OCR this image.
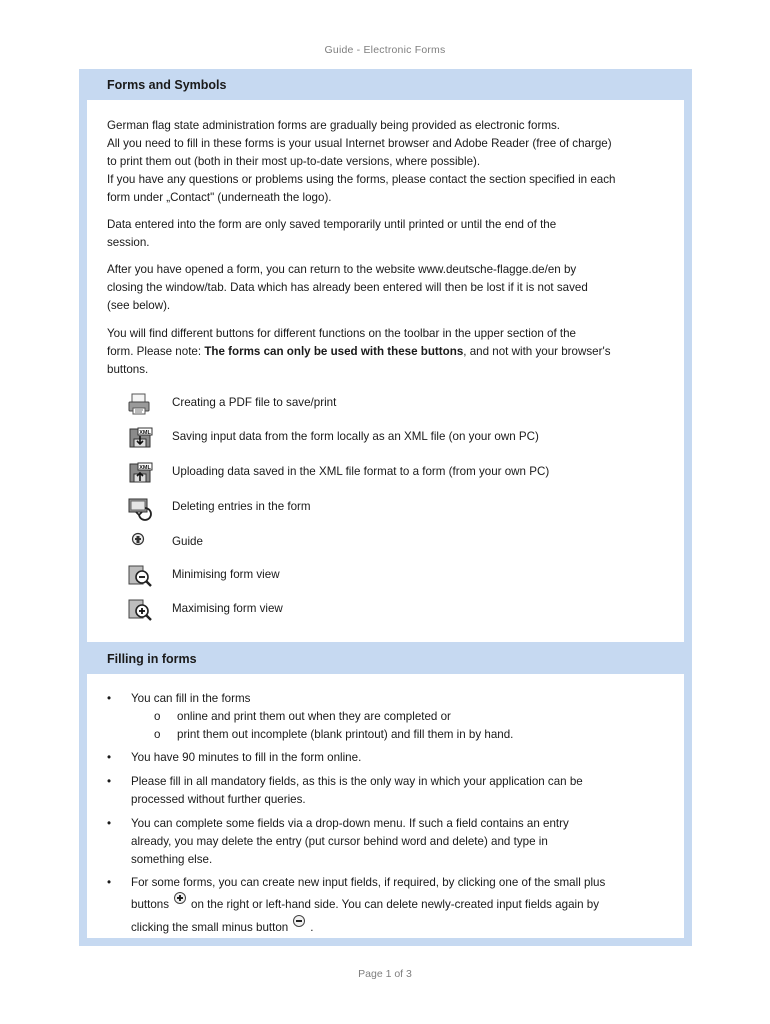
Guide - Electronic Forms
Forms and Symbols
German flag state administration forms are gradually being provided as electronic forms.
All you need to fill in these forms is your usual Internet browser and Adobe Reader (free of charge)
to print them out (both in their most up-to-date versions, where possible).
If you have any questions or problems using the forms, please contact the section specified in each
form under „Contact" (underneath the logo).
Data entered into the form are only saved temporarily until printed or until the end of the
session.
After you have opened a form, you can return to the website www.deutsche-flagge.de/en by
closing the window/tab. Data which has already been entered will then be lost if it is not saved
(see below).
You will find different buttons for different functions on the toolbar in the upper section of the
form. Please note: The forms can only be used with these buttons, and not with your browser's
buttons.
Creating a PDF file to save/print
XML Saving input data from the form locally as an XML file (on your own PC)
XML Uploading data saved in the XML file format to a form (from your own PC)
Deleting entries in the form
Guide
Minimising form view
Maximising form view
Filling in forms
• You can fill in the forms
o online and print them out when they are completed or
o print them out incomplete (blank printout) and fill them in by hand.
• You have 90 minutes to fill in the form online.
• Please fill in all mandatory fields, as this is the only way in which your application can be
processed without further queries.
• You can complete some fields via a drop-down menu. If such a field contains an entry
already, you may delete the entry (put cursor behind word and delete) and type in
something else.
• For some forms, you can create new input fields, if required, by clicking one of the small plus
buttons on the right or left-hand side. You can delete newly-created input fields again by
clicking the small minus button .
Page 1 of 3
